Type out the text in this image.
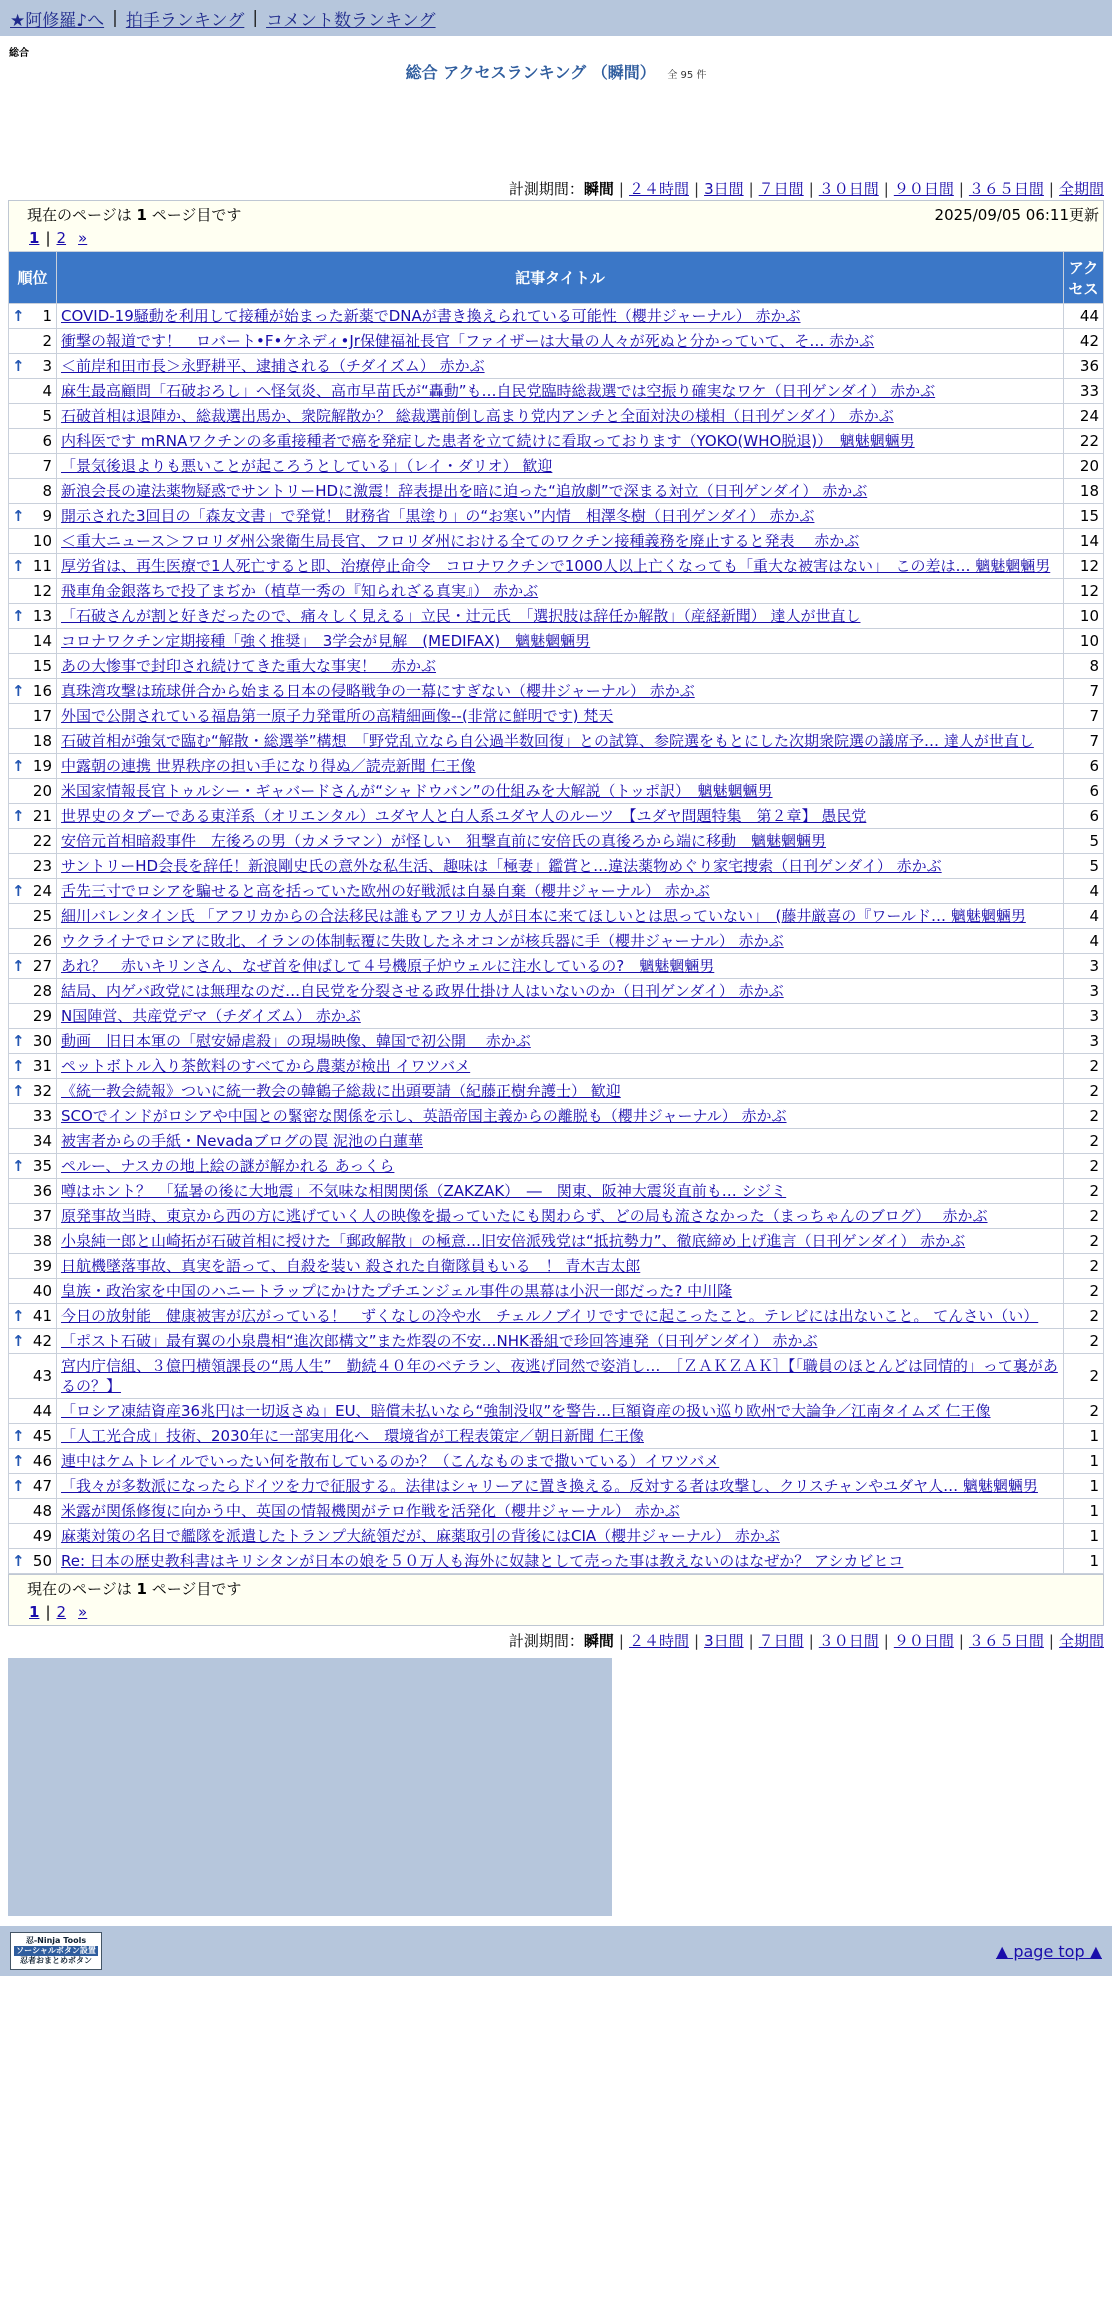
★阿修羅♪へ | 拍手ランキング | コメント数ランキング
総合
総合 アクセスランキング （瞬間） 全 95 件
計測期間：瞬間 | ２４時間 | 3日間 | ７日間 | ３０日間 | ９０日間 | ３６５日間 | 全期間
現在のページは 1 ページ目です	2025/09/05 06:11更新
1 | 2 »
順位	記事タイトル	アクセス

↑ 1	COVID-19騒動を利用して接種が始まった新薬でDNAが書き換えられている可能性（櫻井ジャーナル） 赤かぶ	44
2	衝撃の報道です！　ロバート•F•ケネディ•Jr保健福祉長官「ファイザーは大量の人々が死ぬと分かっていて、そ… 赤かぶ	42

↑ 3	＜前岸和田市長＞永野耕平、逮捕される（チダイズム） 赤かぶ	36
4	麻生最高顧問「石破おろし」へ怪気炎、高市早苗氏が“轟動”も…自民党臨時総裁選では空振り確実なワケ（日刊ゲンダイ） 赤かぶ	33
5	石破首相は退陣か、総裁選出馬か、衆院解散か？ 総裁選前倒し高まり党内アンチと全面対決の様相（日刊ゲンダイ） 赤かぶ	24
6	内科医です mRNAワクチンの多重接種者で癌を発症した患者を立て続けに看取っております（YOKO(WHO脱退)）　魑魅魍魎男	22
7	「景気後退よりも悪いことが起ころうとしている」（レイ・ダリオ） 歓迎	20
8	新浪会長の違法薬物疑惑でサントリーHDに激震！辞表提出を暗に迫った“追放劇”で深まる対立（日刊ゲンダイ） 赤かぶ	18

↑ 9	開示された3回目の「森友文書」で発覚！ 財務省「黒塗り」の“お寒い”内情　相澤冬樹（日刊ゲンダイ） 赤かぶ	15
10	＜重大ニュース＞フロリダ州公衆衛生局長官、フロリダ州における全てのワクチン接種義務を廃止すると発表　 赤かぶ	14

↑ 11	厚労省は、再生医療で1人死亡すると即、治療停止命令　コロナワクチンで1000人以上亡くなっても「重大な被害はない」　この差は… 魑魅魍魎男	12
12	飛車角金銀落ちで投了まぢか（植草一秀の『知られざる真実』） 赤かぶ	12

↑ 13	「石破さんが割と好きだったので、痛々しく見える」立民・辻元氏　「選択肢は辞任か解散」（産経新聞） 達人が世直し	10
14	コロナワクチン定期接種「強く推奨」　3学会が見解　(MEDIFAX)　魑魅魍魎男	10
15	あの大惨事で封印され続けてきた重大な事実！　赤かぶ	8

↑ 16	真珠湾攻撃は琉球併合から始まる日本の侵略戦争の一幕にすぎない（櫻井ジャーナル） 赤かぶ	7
17	外国で公開されている福島第一原子力発電所の高精細画像--(非常に鮮明です) 梵天	7
18	石破首相が強気で臨む“解散・総選挙”構想　「野党乱立なら自公過半数回復」との試算、参院選をもとにした次期衆院選の議席予… 達人が世直し	7

↑ 19	中露朝の連携 世界秩序の担い手になり得ぬ／読売新聞 仁王像	6
20	米国家情報長官トゥルシー・ギャバードさんが“シャドウバン”の仕組みを大解説（トッポ訳）　魑魅魍魎男	6

↑ 21	世界史のタブーである東洋系（オリエンタル）ユダヤ人と白人系ユダヤ人のルーツ　【ユダヤ問題特集　第２章】 愚民党	6
22	安倍元首相暗殺事件　左後ろの男（カメラマン）が怪しい　狙撃直前に安倍氏の真後ろから端に移動　魑魅魍魎男	5
23	サントリーHD会長を辞任！新浪剛史氏の意外な私生活、趣味は「極妻」鑑賞と…違法薬物めぐり家宅捜索（日刊ゲンダイ） 赤かぶ	5

↑ 24	舌先三寸でロシアを騙せると高を括っていた欧州の好戦派は自暴自棄（櫻井ジャーナル） 赤かぶ	4
25	細川バレンタイン氏 「アフリカからの合法移民は誰もアフリカ人が日本に来てほしいとは思っていない」　(藤井厳喜の『ワールド… 魑魅魍魎男	4
26	ウクライナでロシアに敗北、イランの体制転覆に失敗したネオコンが核兵器に手（櫻井ジャーナル） 赤かぶ	4

↑ 27	あれ？　赤いキリンさん、なぜ首を伸ばして４号機原子炉ウェルに注水しているの?　魑魅魍魎男	3
28	結局、内ゲバ政党には無理なのだ…自民党を分裂させる政界仕掛け人はいないのか（日刊ゲンダイ） 赤かぶ	3
29	N国陣営、共産党デマ（チダイズム） 赤かぶ	3

↑ 30	動画　旧日本軍の「慰安婦虐殺」の現場映像、韓国で初公開　 赤かぶ	3

↑ 31	ペットボトル入り茶飲料のすべてから農薬が検出 イワツバメ	2

↑ 32	《統一教会続報》ついに統一教会の韓鶴子総裁に出頭要請（紀藤正樹弁護士） 歓迎	2
33	SCOでインドがロシアや中国との緊密な関係を示し、英語帝国主義からの離脱も（櫻井ジャーナル） 赤かぶ	2
34	被害者からの手紙・Nevadaブログの罠 泥池の白蓮華	2

↑ 35	ペルー、ナスカの地上絵の謎が解かれる あっくら	2
36	噂はホント？　「猛暑の後に大地震」不気味な相関関係（ZAKZAK）　―　関東、阪神大震災直前も… シジミ	2
37	原発事故当時、東京から西の方に逃げていく人の映像を撮っていたにも関わらず、どの局も流さなかった（まっちゃんのブログ）　 赤かぶ	2
38	小泉純一郎と山崎拓が石破首相に授けた「郵政解散」の極意…旧安倍派残党は“抵抗勢力”、徹底締め上げ進言（日刊ゲンダイ） 赤かぶ	2
39	日航機墜落事故、真実を語って、自殺を装い 殺された自衛隊員もいる　！ 青木吉太郎	2
40	皇族・政治家を中国のハニートラップにかけたプチエンジェル事件の黒幕は小沢一郎だった? 中川隆	2

↑ 41	今日の放射能　健康被害が広がっている！　ずくなしの冷や水　チェルノブイリですでに起こったこと。テレビには出ないこと。 てんさい（い）	2

↑ 42	「ポスト石破」最有翼の小泉農相“進次郎構文”また炸裂の不安…NHK番組で珍回答連発（日刊ゲンダイ） 赤かぶ	2
43	宮内庁信組、３億円横領課長の“馬人生”　勤続４０年のベテラン、夜逃げ同然で姿消し…　［ＺＡＫＺＡＫ］【「職員のほとんどは同情的」って裏があるの？】	2
44	「ロシア凍結資産36兆円は一切返さぬ」EU、賠償未払いなら“強制没収”を警告…巨額資産の扱い巡り欧州で大論争／江南タイムズ 仁王像	2

↑ 45	「人工光合成」技術、2030年に一部実用化へ　環境省が工程表策定／朝日新聞 仁王像	1

↑ 46	連中はケムトレイルでいったい何を散布しているのか？（こんなものまで撒いている）イワツバメ	1

↑ 47	「我々が多数派になったらドイツを力で征服する。法律はシャリーアに置き換える。反対する者は攻撃し、クリスチャンやユダヤ人… 魑魅魍魎男	1
48	米露が関係修復に向かう中、英国の情報機関がテロ作戦を活発化（櫻井ジャーナル） 赤かぶ	1
49	麻薬対策の名目で艦隊を派遣したトランプ大統領だが、麻薬取引の背後にはCIA（櫻井ジャーナル） 赤かぶ	1

↑ 50	Re: 日本の歴史教科書はキリシタンが日本の娘を５０万人も海外に奴隷として売った事は教えないのはなぜか？ アシカビヒコ	1
現在のページは 1 ページ目です
1 | 2 »
計測期間：瞬間 | ２４時間 | 3日間 | ７日間 | ３０日間 | ９０日間 | ３６５日間 | 全期間
忍-Ninja Tools
ソーシャルボタン設置
忍者おまとめボタン	▲ page top ▲
